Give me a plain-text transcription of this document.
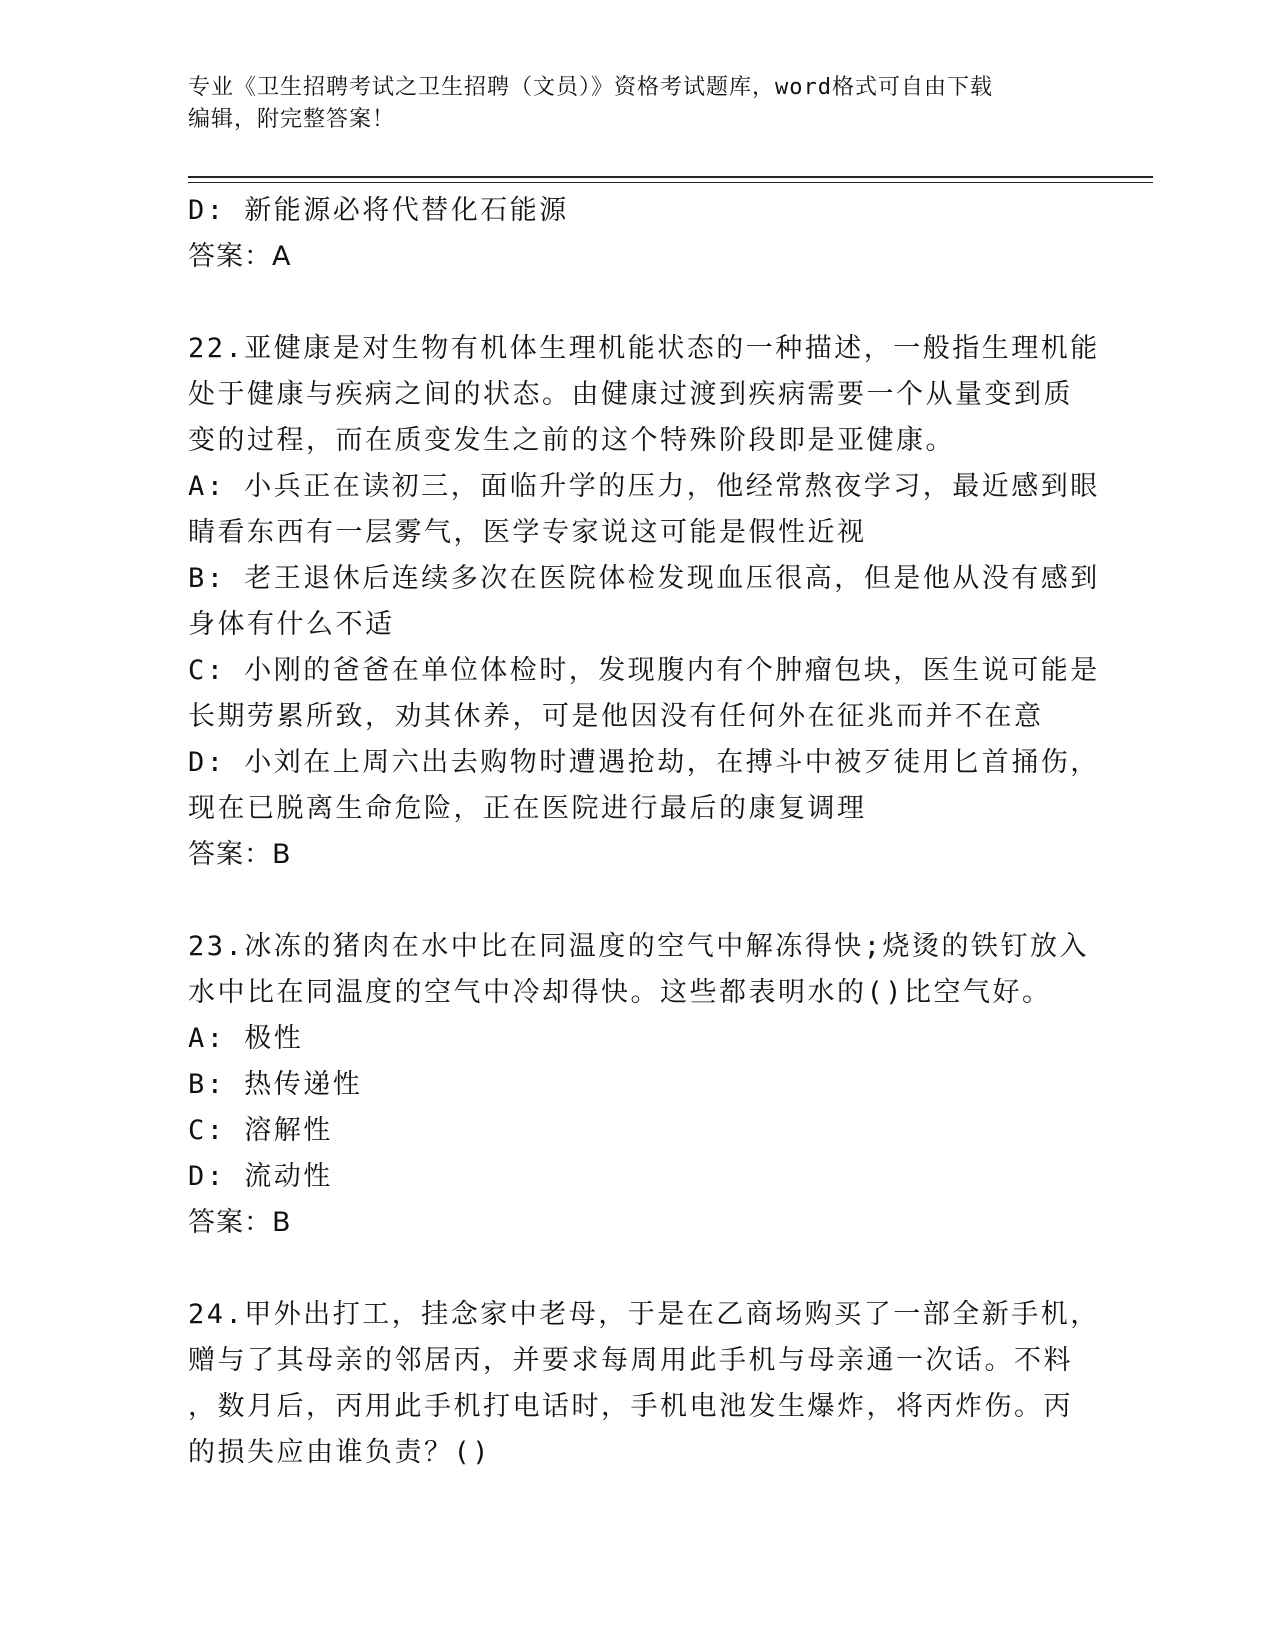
专业《卫生招聘考试之卫生招聘（文员）》资格考试题库，word格式可自由下载
编辑，附完整答案！
D: 新能源必将代替化石能源
答案：A
22.亚健康是对生物有机体生理机能状态的一种描述，一般指生理机能
处于健康与疾病之间的状态。由健康过渡到疾病需要一个从量变到质
变的过程，而在质变发生之前的这个特殊阶段即是亚健康。
A: 小兵正在读初三，面临升学的压力，他经常熬夜学习，最近感到眼
睛看东西有一层雾气，医学专家说这可能是假性近视
B: 老王退休后连续多次在医院体检发现血压很高，但是他从没有感到
身体有什么不适
C: 小刚的爸爸在单位体检时，发现腹内有个肿瘤包块，医生说可能是
长期劳累所致，劝其休养，可是他因没有任何外在征兆而并不在意
D: 小刘在上周六出去购物时遭遇抢劫，在搏斗中被歹徒用匕首捅伤，
现在已脱离生命危险，正在医院进行最后的康复调理
答案：B
23.冰冻的猪肉在水中比在同温度的空气中解冻得快;烧烫的铁钉放入
水中比在同温度的空气中冷却得快。这些都表明水的()比空气好。
A: 极性
B: 热传递性
C: 溶解性
D: 流动性
答案：B
24.甲外出打工，挂念家中老母，于是在乙商场购买了一部全新手机，
赠与了其母亲的邻居丙，并要求每周用此手机与母亲通一次话。不料
，数月后，丙用此手机打电话时，手机电池发生爆炸，将丙炸伤。丙
的损失应由谁负责？()
